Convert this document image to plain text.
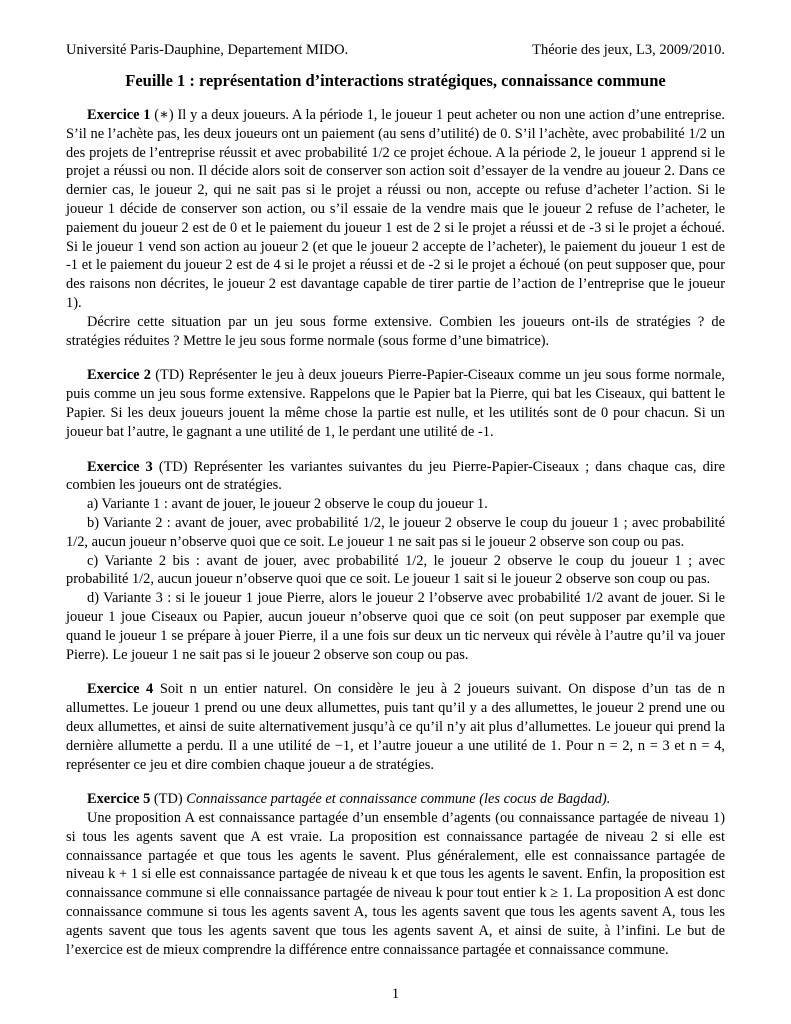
Université Paris-Dauphine, Departement MIDO.	Théorie des jeux, L3, 2009/2010.
Feuille 1 : représentation d’interactions stratégiques, connaissance commune

Exercice 1 (∗) Il y a deux joueurs. A la période 1, le joueur 1 peut acheter ou non une action d’une entreprise. S’il ne l’achète pas, les deux joueurs ont un paiement (au sens d’utilité) de 0. S’il l’achète, avec probabilité 1/2 un des projets de l’entreprise réussit et avec probabilité 1/2 ce projet échoue. A la période 2, le joueur 1 apprend si le projet a réussi ou non. Il décide alors soit de conserver son action soit d’essayer de la vendre au joueur 2. Dans ce dernier cas, le joueur 2, qui ne sait pas si le projet a réussi ou non, accepte ou refuse d’acheter l’action. Si le joueur 1 décide de conserver son action, ou s’il essaie de la vendre mais que le joueur 2 refuse de l’acheter, le paiement du joueur 2 est de 0 et le paiement du joueur 1 est de 2 si le projet a réussi et de -3 si le projet a échoué. Si le joueur 1 vend son action au joueur 2 (et que le joueur 2 accepte de l’acheter), le paiement du joueur 1 est de -1 et le paiement du joueur 2 est de 4 si le projet a réussi et de -2 si le projet a échoué (on peut supposer que, pour des raisons non décrites, le joueur 2 est davantage capable de tirer partie de l’action de l’entreprise que le joueur 1).

Décrire cette situation par un jeu sous forme extensive. Combien les joueurs ont-ils de stratégies ? de stratégies réduites ? Mettre le jeu sous forme normale (sous forme d’une bimatrice).

Exercice 2 (TD) Représenter le jeu à deux joueurs Pierre-Papier-Ciseaux comme un jeu sous forme normale, puis comme un jeu sous forme extensive. Rappelons que le Papier bat la Pierre, qui bat les Ciseaux, qui battent le Papier. Si les deux joueurs jouent la même chose la partie est nulle, et les utilités sont de 0 pour chacun. Si un joueur bat l’autre, le gagnant a une utilité de 1, le perdant une utilité de -1.

Exercice 3 (TD) Représenter les variantes suivantes du jeu Pierre-Papier-Ciseaux ; dans chaque cas, dire combien les joueurs ont de stratégies.

a) Variante 1 : avant de jouer, le joueur 2 observe le coup du joueur 1.

b) Variante 2 : avant de jouer, avec probabilité 1/2, le joueur 2 observe le coup du joueur 1 ; avec probabilité 1/2, aucun joueur n’observe quoi que ce soit. Le joueur 1 ne sait pas si le joueur 2 observe son coup ou pas.

c) Variante 2 bis : avant de jouer, avec probabilité 1/2, le joueur 2 observe le coup du joueur 1 ; avec probabilité 1/2, aucun joueur n’observe quoi que ce soit. Le joueur 1 sait si le joueur 2 observe son coup ou pas.

d) Variante 3 : si le joueur 1 joue Pierre, alors le joueur 2 l’observe avec probabilité 1/2 avant de jouer. Si le joueur 1 joue Ciseaux ou Papier, aucun joueur n’observe quoi que ce soit (on peut supposer par exemple que quand le joueur 1 se prépare à jouer Pierre, il a une fois sur deux un tic nerveux qui révèle à l’autre qu’il va jouer Pierre). Le joueur 1 ne sait pas si le joueur 2 observe son coup ou pas.

Exercice 4 Soit n un entier naturel. On considère le jeu à 2 joueurs suivant. On dispose d’un tas de n allumettes. Le joueur 1 prend ou une deux allumettes, puis tant qu’il y a des allumettes, le joueur 2 prend une ou deux allumettes, et ainsi de suite alternativement jusqu’à ce qu’il n’y ait plus d’allumettes. Le joueur qui prend la dernière allumette a perdu. Il a une utilité de −1, et l’autre joueur a une utilité de 1. Pour n = 2, n = 3 et n = 4, représenter ce jeu et dire combien chaque joueur a de stratégies.

Exercice 5 (TD) Connaissance partagée et connaissance commune (les cocus de Bagdad).

Une proposition A est connaissance partagée d’un ensemble d’agents (ou connaissance partagée de niveau 1) si tous les agents savent que A est vraie. La proposition est connaissance partagée de niveau 2 si elle est connaissance partagée et que tous les agents le savent. Plus généralement, elle est connaissance partagée de niveau k + 1 si elle est connaissance partagée de niveau k et que tous les agents le savent. Enfin, la proposition est connaissance commune si elle connaissance partagée de niveau k pour tout entier k ≥ 1. La proposition A est donc connaissance commune si tous les agents savent A, tous les agents savent que tous les agents savent A, tous les agents savent que tous les agents savent que tous les agents savent A, et ainsi de suite, à l’infini. Le but de l’exercice est de mieux comprendre la différence entre connaissance partagée et connaissance commune.

1
